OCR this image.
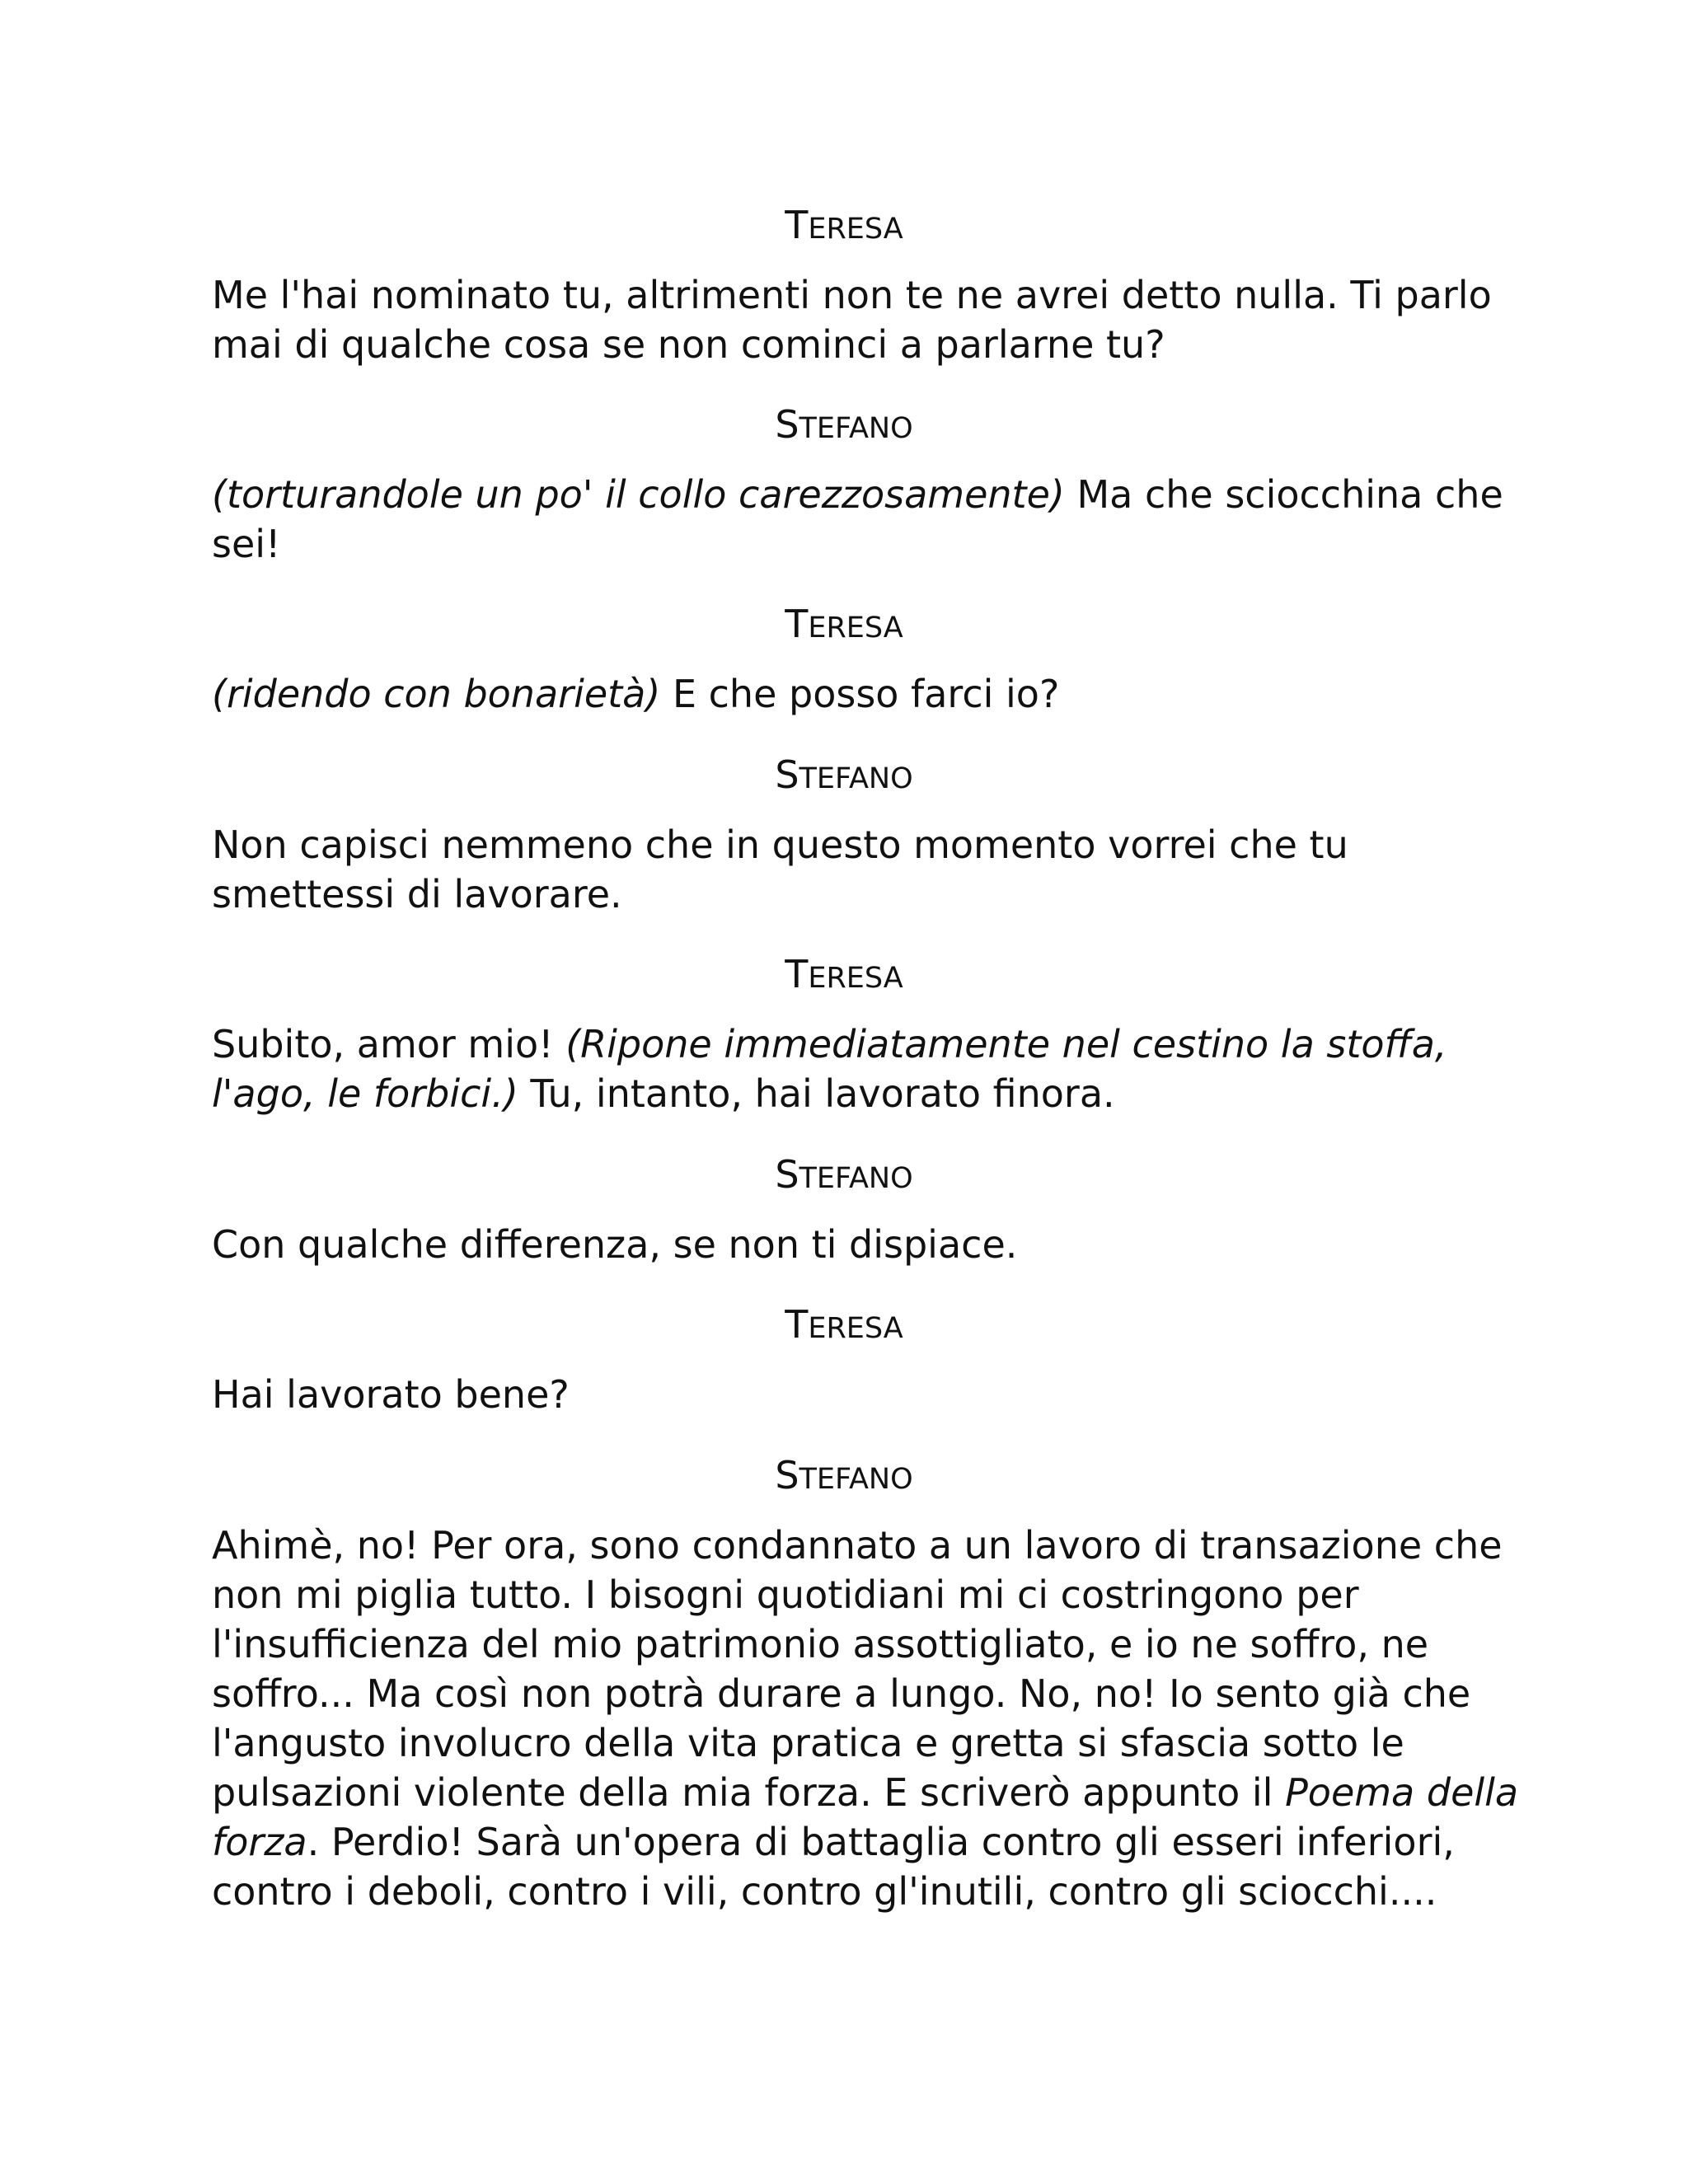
TERESA
Me l'hai nominato tu, altrimenti non te ne avrei detto nulla. Ti parlo
mai di qualche cosa se non cominci a parlarne tu?
STEFANO
(torturandole un po' il collo carezzosamente) Ma che sciocchina che
sei!
TERESA
(ridendo con bonarietà) E che posso farci io?
STEFANO
Non capisci nemmeno che in questo momento vorrei che tu
smettessi di lavorare.
TERESA
Subito, amor mio! (Ripone immediatamente nel cestino la stoffa,
l'ago, le forbici.) Tu, intanto, hai lavorato finora.
STEFANO
Con qualche differenza, se non ti dispiace.
TERESA
Hai lavorato bene?
STEFANO
Ahimè, no! Per ora, sono condannato a un lavoro di transazione che
non mi piglia tutto. I bisogni quotidiani mi ci costringono per
l'insufficienza del mio patrimonio assottigliato, e io ne soffro, ne
soffro... Ma così non potrà durare a lungo. No, no! Io sento già che
l'angusto involucro della vita pratica e gretta si sfascia sotto le
pulsazioni violente della mia forza. E scriverò appunto il Poema della
forza. Perdio! Sarà un'opera di battaglia contro gli esseri inferiori,
contro i deboli, contro i vili, contro gl'inutili, contro gli sciocchi....
